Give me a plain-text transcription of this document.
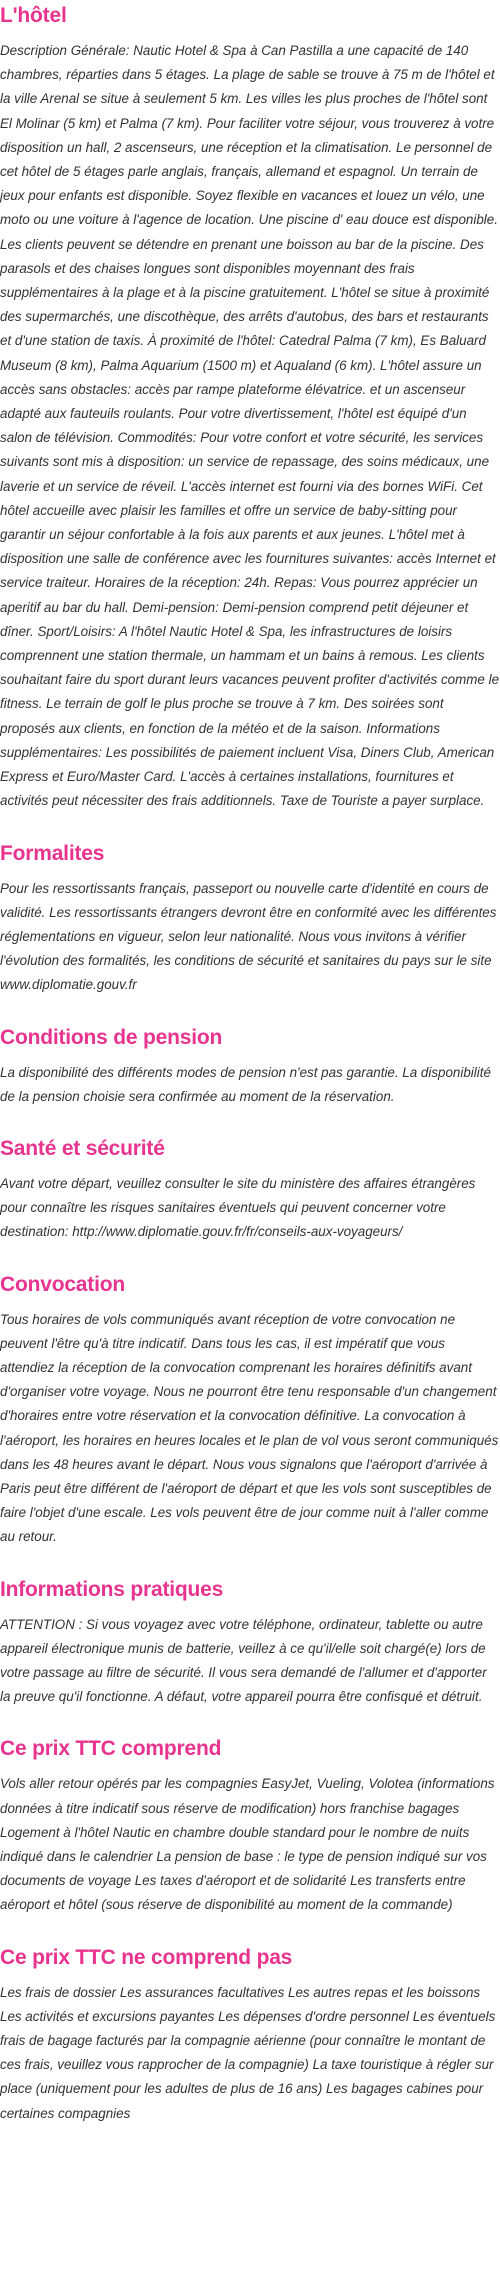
L'hôtel

Description Générale: Nautic Hotel & Spa à Can Pastilla a une capacité de 140 chambres, réparties dans 5 étages. La plage de sable se trouve à 75 m de l'hôtel et la ville Arenal se situe à seulement 5 km. Les villes les plus proches de l'hôtel sont El Molinar (5 km) et Palma (7 km). Pour faciliter votre séjour, vous trouverez à votre disposition un hall, 2 ascenseurs, une réception et la climatisation. Le personnel de cet hôtel de 5 étages parle anglais, français, allemand et espagnol. Un terrain de jeux pour enfants est disponible. Soyez flexible en vacances et louez un vélo, une moto ou une voiture à l'agence de location. Une piscine d' eau douce est disponible. Les clients peuvent se détendre en prenant une boisson au bar de la piscine. Des parasols et des chaises longues sont disponibles moyennant des frais supplémentaires à la plage et à la piscine gratuitement. L'hôtel se situe à proximité des supermarchés, une discothèque, des arrêts d'autobus, des bars et restaurants et d'une station de taxis. À proximité de l'hôtel: Catedral Palma (7 km), Es Baluard Museum (8 km), Palma Aquarium (1500 m) et Aqualand (6 km). L'hôtel assure un accès sans obstacles: accès par rampe plateforme élévatrice. et un ascenseur adapté aux fauteuils roulants. Pour votre divertissement, l'hôtel est équipé d'un salon de télévision. Commodités: Pour votre confort et votre sécurité, les services suivants sont mis à disposition: un service de repassage, des soins médicaux, une laverie et un service de réveil. L'accès internet est fourni via des bornes WiFi. Cet hôtel accueille avec plaisir les familles et offre un service de baby-sitting pour garantir un séjour confortable à la fois aux parents et aux jeunes. L'hôtel met à disposition une salle de conférence avec les fournitures suivantes: accès Internet et service traiteur. Horaires de la réception: 24h. Repas: Vous pourrez apprécier un aperitif au bar du hall. Demi-pension: Demi-pension comprend petit déjeuner et dîner. Sport/Loisirs: A l'hôtel Nautic Hotel & Spa, les infrastructures de loisirs comprennent une station thermale, un hammam et un bains à remous. Les clients souhaitant faire du sport durant leurs vacances peuvent profiter d'activités comme le fitness. Le terrain de golf le plus proche se trouve à 7 km. Des soirées sont proposés aux clients, en fonction de la météo et de la saison. Informations supplémentaires: Les possibilités de paiement incluent Visa, Diners Club, American Express et Euro/Master Card. L'accès à certaines installations, fournitures et activités peut nécessiter des frais additionnels. Taxe de Touriste a payer surplace.

Formalites

Pour les ressortissants français, passeport ou nouvelle carte d'identité en cours de validité. Les ressortissants étrangers devront être en conformité avec les différentes réglementations en vigueur, selon leur nationalité. Nous vous invitons à vérifier l'évolution des formalités, les conditions de sécurité et sanitaires du pays sur le site www.diplomatie.gouv.fr

Conditions de pension

La disponibilité des différents modes de pension n'est pas garantie. La disponibilité de la pension choisie sera confirmée au moment de la réservation.

Santé et sécurité

Avant votre départ, veuillez consulter le site du ministère des affaires étrangères pour connaître les risques sanitaires éventuels qui peuvent concerner votre destination: http://www.diplomatie.gouv.fr/fr/conseils-aux-voyageurs/

Convocation

Tous horaires de vols communiqués avant réception de votre convocation ne peuvent l'être qu'à titre indicatif. Dans tous les cas, il est impératif que vous attendiez la réception de la convocation comprenant les horaires définitifs avant d'organiser votre voyage. Nous ne pourront être tenu responsable d'un changement d'horaires entre votre réservation et la convocation définitive. La convocation à l'aéroport, les horaires en heures locales et le plan de vol vous seront communiqués dans les 48 heures avant le départ. Nous vous signalons que l'aéroport d'arrivée à Paris peut être différent de l'aéroport de départ et que les vols sont susceptibles de faire l'objet d'une escale. Les vols peuvent être de jour comme nuit à l'aller comme au retour.

Informations pratiques

ATTENTION : Si vous voyagez avec votre téléphone, ordinateur, tablette ou autre appareil électronique munis de batterie, veillez à ce qu'il/elle soit chargé(e) lors de votre passage au filtre de sécurité. Il vous sera demandé de l'allumer et d'apporter la preuve qu'il fonctionne. A défaut, votre appareil pourra être confisqué et détruit.

Ce prix TTC comprend

Vols aller retour opérés par les compagnies EasyJet, Vueling, Volotea (informations données à titre indicatif sous réserve de modification) hors franchise bagages Logement à l'hôtel Nautic en chambre double standard pour le nombre de nuits indiqué dans le calendrier La pension de base : le type de pension indiqué sur vos documents de voyage Les taxes d'aéroport et de solidarité Les transferts entre aéroport et hôtel (sous réserve de disponibilité au moment de la commande)

Ce prix TTC ne comprend pas

Les frais de dossier Les assurances facultatives Les autres repas et les boissons Les activités et excursions payantes Les dépenses d'ordre personnel Les éventuels frais de bagage facturés par la compagnie aérienne (pour connaître le montant de ces frais, veuillez vous rapprocher de la compagnie) La taxe touristique à régler sur place (uniquement pour les adultes de plus de 16 ans) Les bagages cabines pour certaines compagnies
